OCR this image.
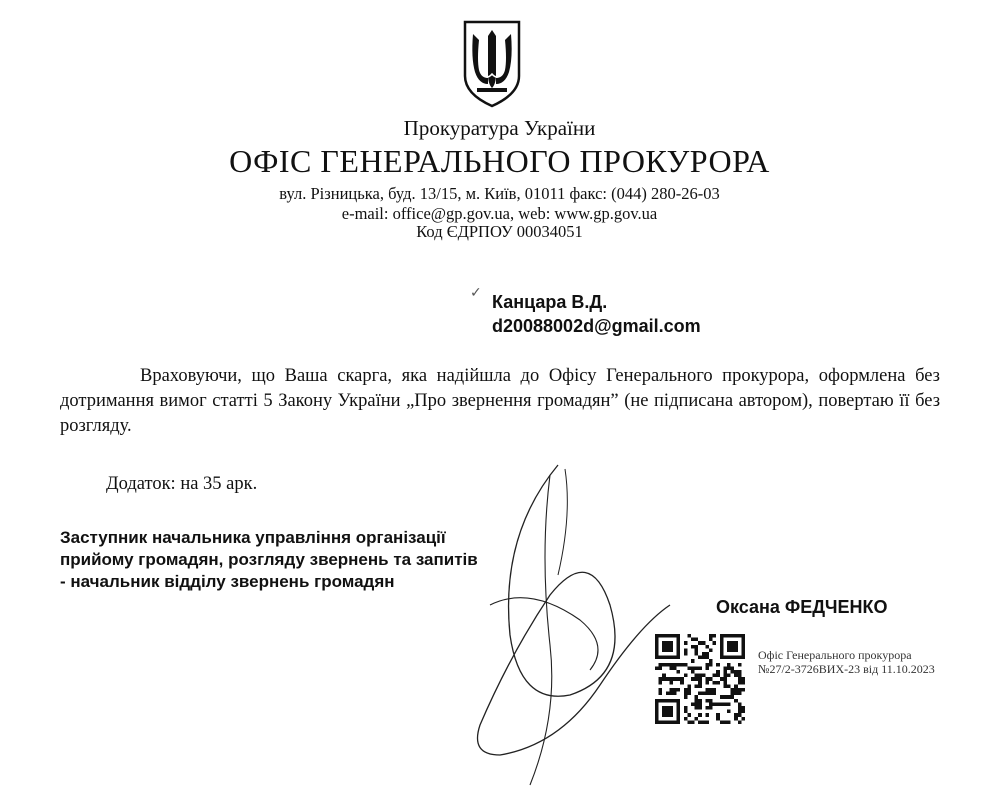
Прокуратура України
ОФІС ГЕНЕРАЛЬНОГО ПРОКУРОРА
вул. Різницька, буд. 13/15, м. Київ, 01011 факс: (044) 280-26-03
e-mail: office@gp.gov.ua, web: www.gp.gov.ua
Код ЄДРПОУ 00034051
✓ Канцара В.Д.
d20088002d@gmail.com
Враховуючи, що Ваша скарга, яка надійшла до Офісу Генерального прокурора, оформлена без дотримання вимог статті 5 Закону України „Про звернення громадян” (не підписана автором), повертаю її без розгляду.
Додаток: на 35 арк.
Заступник начальника управління організації прийому громадян, розгляду звернень та запитів - начальник відділу звернень громадян
Оксана ФЕДЧЕНКО
Офіс Генерального прокурора
№27/2-3726ВИХ-23 від 11.10.2023
